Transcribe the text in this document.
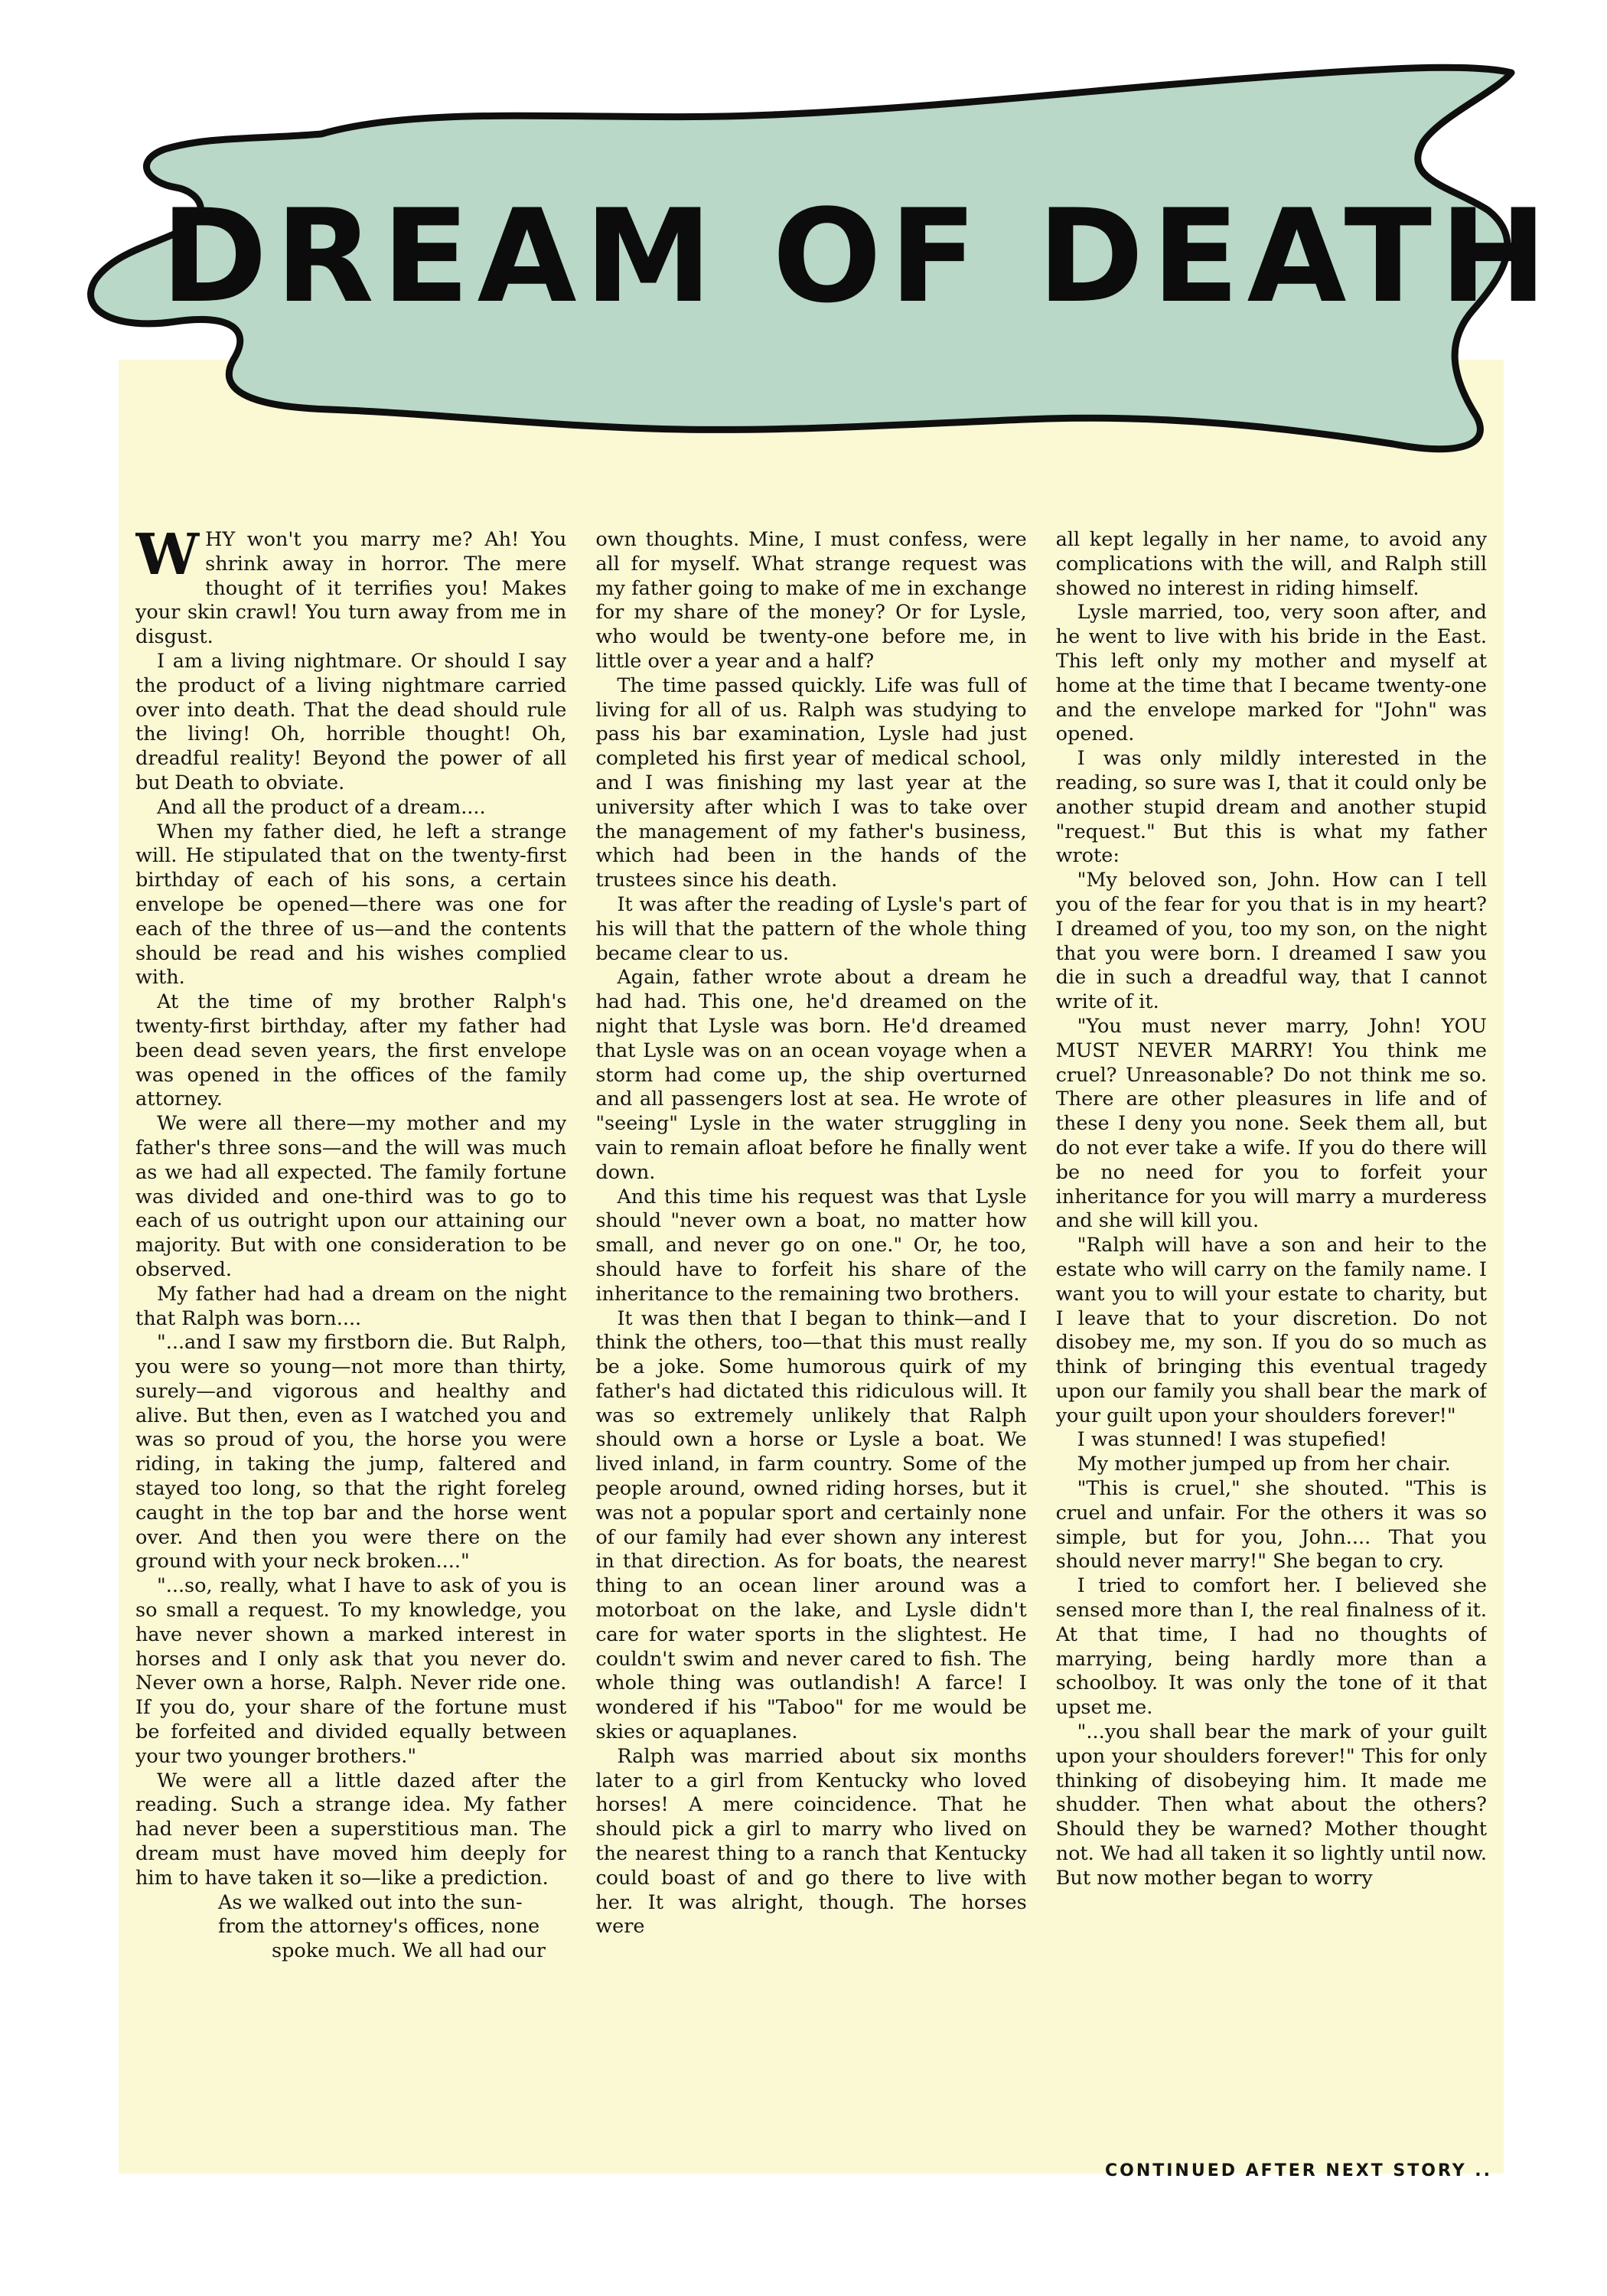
DREAM OF DEATH

WHY won't you marry me? Ah! You shrink away in horror. The mere thought of it terrifies you! Makes your skin crawl! You turn away from me in disgust.

I am a living nightmare. Or should I say the product of a living nightmare carried over into death. That the dead should rule the living! Oh, horrible thought! Oh, dreadful reality! Beyond the power of all but Death to obviate.

And all the product of a dream....

When my father died, he left a strange will. He stipulated that on the twenty-first birthday of each of his sons, a certain envelope be opened—there was one for each of the three of us—and the contents should be read and his wishes complied with.

At the time of my brother Ralph's twenty-first birthday, after my father had been dead seven years, the first envelope was opened in the offices of the family attorney.

We were all there—my mother and my father's three sons—and the will was much as we had all expected. The family fortune was divided and one-third was to go to each of us outright upon our attaining our majority. But with one consideration to be observed.

My father had had a dream on the night that Ralph was born....

"...and I saw my firstborn die. But Ralph, you were so young—not more than thirty, surely—and vigorous and healthy and alive. But then, even as I watched you and was so proud of you, the horse you were riding, in taking the jump, faltered and stayed too long, so that the right foreleg caught in the top bar and the horse went over. And then you were there on the ground with your neck broken...."

"...so, really, what I have to ask of you is so small a request. To my knowledge, you have never shown a marked interest in horses and I only ask that you never do. Never own a horse, Ralph. Never ride one. If you do, your share of the fortune must be forfeited and divided equally between your two younger brothers."

We were all a little dazed after the reading. Such a strange idea. My father had never been a superstitious man. The dream must have moved him deeply for him to have taken it so—like a prediction.

As we walked out into the sun-

from the attorney's offices, none

spoke much. We all had our

own thoughts. Mine, I must confess, were all for myself. What strange request was my father going to make of me in exchange for my share of the money? Or for Lysle, who would be twenty-one before me, in little over a year and a half?

The time passed quickly. Life was full of living for all of us. Ralph was studying to pass his bar examination, Lysle had just completed his first year of medical school, and I was finishing my last year at the university after which I was to take over the management of my father's business, which had been in the hands of the trustees since his death.

It was after the reading of Lysle's part of his will that the pattern of the whole thing became clear to us.

Again, father wrote about a dream he had had. This one, he'd dreamed on the night that Lysle was born. He'd dreamed that Lysle was on an ocean voyage when a storm had come up, the ship overturned and all passengers lost at sea. He wrote of "seeing" Lysle in the water struggling in vain to remain afloat before he finally went down.

And this time his request was that Lysle should "never own a boat, no matter how small, and never go on one." Or, he too, should have to forfeit his share of the inheritance to the remaining two brothers.

It was then that I began to think—and I think the others, too—that this must really be a joke. Some humorous quirk of my father's had dictated this ridiculous will. It was so extremely unlikely that Ralph should own a horse or Lysle a boat. We lived inland, in farm country. Some of the people around, owned riding horses, but it was not a popular sport and certainly none of our family had ever shown any interest in that direction. As for boats, the nearest thing to an ocean liner around was a motorboat on the lake, and Lysle didn't care for water sports in the slightest. He couldn't swim and never cared to fish. The whole thing was outlandish! A farce! I wondered if his "Taboo" for me would be skies or aquaplanes.

Ralph was married about six months later to a girl from Kentucky who loved horses! A mere coincidence. That he should pick a girl to marry who lived on the nearest thing to a ranch that Kentucky could boast of and go there to live with her. It was alright, though. The horses were

all kept legally in her name, to avoid any complications with the will, and Ralph still showed no interest in riding himself.

Lysle married, too, very soon after, and he went to live with his bride in the East. This left only my mother and myself at home at the time that I became twenty-one and the envelope marked for "John" was opened.

I was only mildly interested in the reading, so sure was I, that it could only be another stupid dream and another stupid "request." But this is what my father wrote:

"My beloved son, John. How can I tell you of the fear for you that is in my heart? I dreamed of you, too my son, on the night that you were born. I dreamed I saw you die in such a dreadful way, that I cannot write of it.

"You must never marry, John! YOU MUST NEVER MARRY! You think me cruel? Unreasonable? Do not think me so. There are other pleasures in life and of these I deny you none. Seek them all, but do not ever take a wife. If you do there will be no need for you to forfeit your inheritance for you will marry a murderess and she will kill you.

"Ralph will have a son and heir to the estate who will carry on the family name. I want you to will your estate to charity, but I leave that to your discretion. Do not disobey me, my son. If you do so much as think of bringing this eventual tragedy upon our family you shall bear the mark of your guilt upon your shoulders forever!"

I was stunned! I was stupefied!

My mother jumped up from her chair.

"This is cruel," she shouted. "This is cruel and unfair. For the others it was so simple, but for you, John.... That you should never marry!" She began to cry.

I tried to comfort her. I believed she sensed more than I, the real finalness of it. At that time, I had no thoughts of marrying, being hardly more than a schoolboy. It was only the tone of it that upset me.

"...you shall bear the mark of your guilt upon your shoulders forever!" This for only thinking of disobeying him. It made me shudder. Then what about the others? Should they be warned? Mother thought not. We had all taken it so lightly until now. But now mother began to worry

CONTINUED AFTER NEXT STORY ..
